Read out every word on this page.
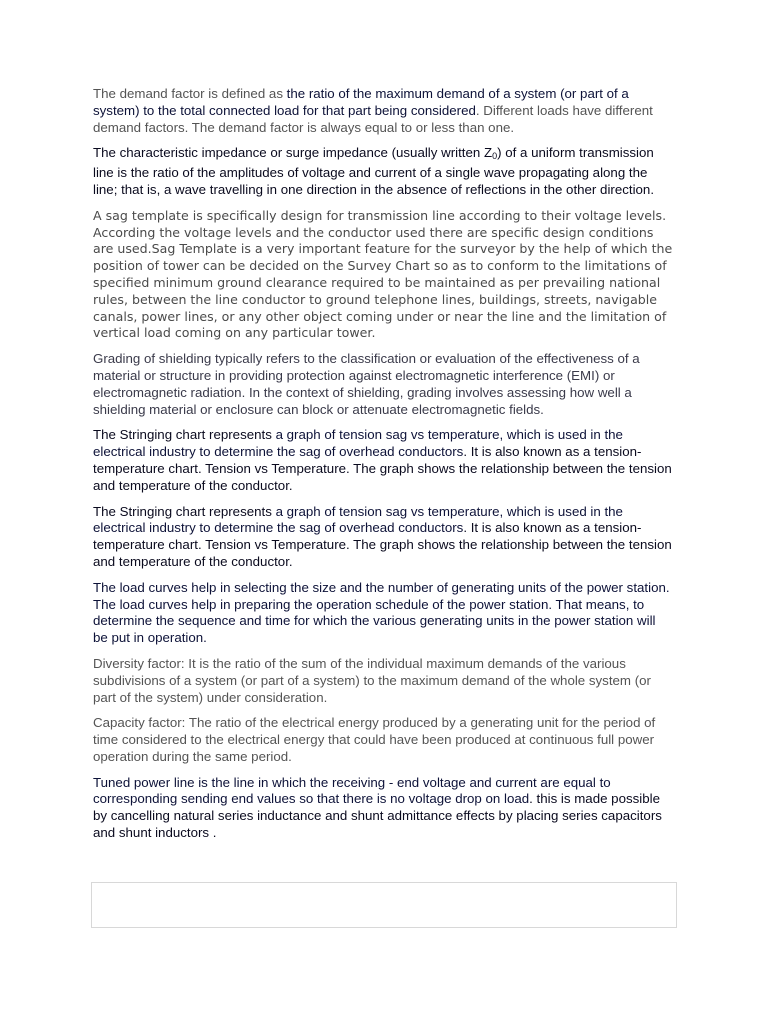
The demand factor is defined as the ratio of the maximum demand of a system (or part of a system) to the total connected load for that part being considered. Different loads have different demand factors. The demand factor is always equal to or less than one.

The characteristic impedance or surge impedance (usually written $Z_0$) of a uniform transmission line is the ratio of the amplitudes of voltage and current of a single wave propagating along the line; that is, a wave travelling in one direction in the absence of reflections in the other direction.

A sag template is specifically design for transmission line according to their voltage levels. According the voltage levels and the conductor used there are specific design conditions are used.Sag Template is a very important feature for the surveyor by the help of which the position of tower can be decided on the Survey Chart so as to conform to the limitations of specified minimum ground clearance required to be maintained as per prevailing national rules, between the line conductor to ground telephone lines, buildings, streets, navigable canals, power lines, or any other object coming under or near the line and the limitation of vertical load coming on any particular tower.

Grading of shielding typically refers to the classification or evaluation of the effectiveness of a material or structure in providing protection against electromagnetic interference (EMI) or electromagnetic radiation. In the context of shielding, grading involves assessing how well a shielding material or enclosure can block or attenuate electromagnetic fields.

The Stringing chart represents a graph of tension sag vs temperature, which is used in the electrical industry to determine the sag of overhead conductors. It is also known as a tension-temperature chart. Tension vs Temperature. The graph shows the relationship between the tension and temperature of the conductor.

The Stringing chart represents a graph of tension sag vs temperature, which is used in the electrical industry to determine the sag of overhead conductors. It is also known as a tension-temperature chart. Tension vs Temperature. The graph shows the relationship between the tension and temperature of the conductor.

The load curves help in selecting the size and the number of generating units of the power station. The load curves help in preparing the operation schedule of the power station. That means, to determine the sequence and time for which the various generating units in the power station will be put in operation.

Diversity factor: It is the ratio of the sum of the individual maximum demands of the various subdivisions of a system (or part of a system) to the maximum demand of the whole system (or part of the system) under consideration.

Capacity factor: The ratio of the electrical energy produced by a generating unit for the period of time considered to the electrical energy that could have been produced at continuous full power operation during the same period.

Tuned power line is the line in which the receiving - end voltage and current are equal to corresponding sending end values so that there is no voltage drop on load. this is made possible by cancelling natural series inductance and shunt admittance effects by placing series capacitors and shunt inductors .
